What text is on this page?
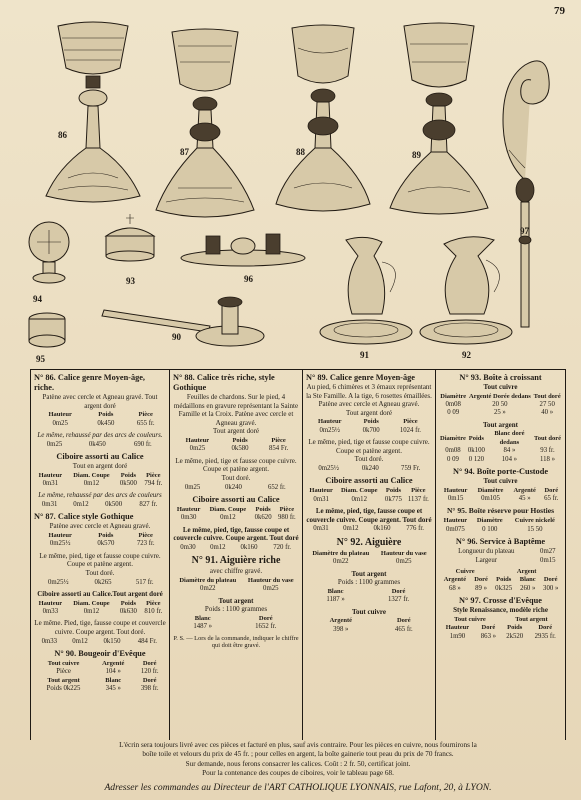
79
86
87	88	89
97
93
94
95
96
90
91	92
N° 86. Calice genre Moyen-âge, riche.
Patène avec cercle et Agneau gravé. Tout argent doré
Hauteur	Poids	Pièce
0m25	0k450	655 fr.
Le même, rehaussé par des arcs de couleurs.
0m25	0k450	690 fr.
Ciboire assorti au Calice
Tout en argent doré
Hauteur	Diam. Coupe	Poids	Pièce
0m31	0m12	0k500	794 fr.
Le même, rehaussé par des arcs de couleurs
0m31	0m12	0k500	827 fr.
N° 87. Calice style Gothique
Patène avec cercle et Agneau gravé.
Hauteur	Poids	Pièce
0m25½	0k570	723 fr.
Le même, pied, tige et fausse coupe cuivre. Coupe et patène argent.
Tout doré.
0m25½	0k265	517 fr.
Ciboire assorti au Calice.Tout argent doré
Hauteur	Diam. Coupe	Poids	Pièce
0m33	0m12	0k630	810 fr.
Le même. Pied, tige, fausse coupe et couvercle cuivre. Coupe argent. Tout doré.
0m33	0m12	0k150	484 Fr.
N° 90. Bougeoir d'Evêque
Tout cuivre	Argenté	Doré
Pièce	104 »	120 fr.
Tout argent	Blanc	Doré
Poids 0k225	345 »	398 fr.
N° 88. Calice très riche, style Gothique
Feuilles de chardons. Sur le pied, 4 médaillons en gravure représentant la Sainte Famille et la Croix. Patène avec cercle et Agneau gravé.
Tout argent doré
Hauteur	Poids	Pièce
0m25	0k580	854 Fr.
Le même, pied, tige et fausse coupe cuivre. Coupe et patène argent.
Tout doré.
0m25	0k240	652 fr.
Ciboire assorti au Calice
Hauteur	Diam. Coupe	Poids	Pièce
0m30	0m12	0k620	980 fr.
Le même, pied, tige, fausse coupe et couvercle cuivre. Coupe argent. Tout doré
0m30	0m12	0k160	720 fr.
N° 91. Aiguière riche
avec chiffre gravé.
Diamètre du plateau	Hauteur du vase
0m22	0m25
Tout argent
Poids : 1100 grammes
Blanc	Doré
1487 »	1652 fr.
P. S. — Lors de la commande, indiquer le chiffre qui doit être gravé.
N° 89. Calice genre Moyen-âge
Au pied, 6 chimères et 3 émaux représentant la Ste Famille. A la tige, 6 rosettes émaillées. Patène avec cercle et Agneau gravé.
Tout argent doré
Hauteur	Poids	Pièce
0m25½	0k700	1024 fr.
Le même, pied, tige et fausse coupe cuivre. Coupe et patène argent.
Tout doré.
0m25½	0k240	759 Fr.
Ciboire assorti au Calice
Hauteur	Diam. Coupe	Poids	Pièce
0m31	0m12	0k775	1137 fr.
Le même, pied, tige, fausse coupe et couvercle cuivre. Coupe argent. Tout doré
0m31	0m12	0k160	776 fr.
N° 92. Aiguière
Diamètre du plateau	Hauteur du vase
0m22	0m25
Tout argent
Poids : 1100 grammes
Blanc	Doré
1187 »	1327 fr.
Tout cuivre
Argenté	Doré
398 »	465 fr.
N° 93. Boîte à croissant
Tout cuivre
Diamètre	Argenté Dorée dedans	Tout doré
0m08	20 50	27 50
0 09	25 »	40 »
Tout argent
Diamètre	Poids	Blanc doré dedans	Tout doré
0m08	0k100	84 »	93 fr.
0 09	0 120	104 »	118 »
N° 94. Boîte porte-Custode
Tout cuivre
Hauteur	Diamètre	Argenté	Doré
0m15	0m105	45 »	65 fr.
N° 95. Boîte réserve pour Hosties
Hauteur	Diamètre	Cuivre nickelé
0m075	0 100	15 50
N° 96. Service à Baptême
Longueur du plateau	0m27
Largeur	0m15
Cuivre		Argent		
Argenté	Doré	Poids	Blanc	Doré
68 »	89 »	0k325	260 »	300 »
N° 97. Crosse d'Evêque
Style Renaissance, modèle riche
Tout cuivre		Tout argent	
Hauteur	Doré	Poids	Doré
1m90	863 »	2k520	2935 fr.
L'écrin sera toujours livré avec ces pièces et facturé en plus, sauf avis contraire. Pour les pièces en cuivre, nous fournirons la
boîte toile et velours du prix de 45 fr. ; pour celles en argent, la boîte gainerie tout peau du prix de 70 francs.
Sur demande, nous ferons consacrer les calices. Coût : 2 fr. 50, certificat joint.
Pour la contenance des coupes de ciboires, voir le tableau page 68.
Adresser les commandes au Directeur de l'ART CATHOLIQUE LYONNAIS, rue Lafont, 20, à LYON.
